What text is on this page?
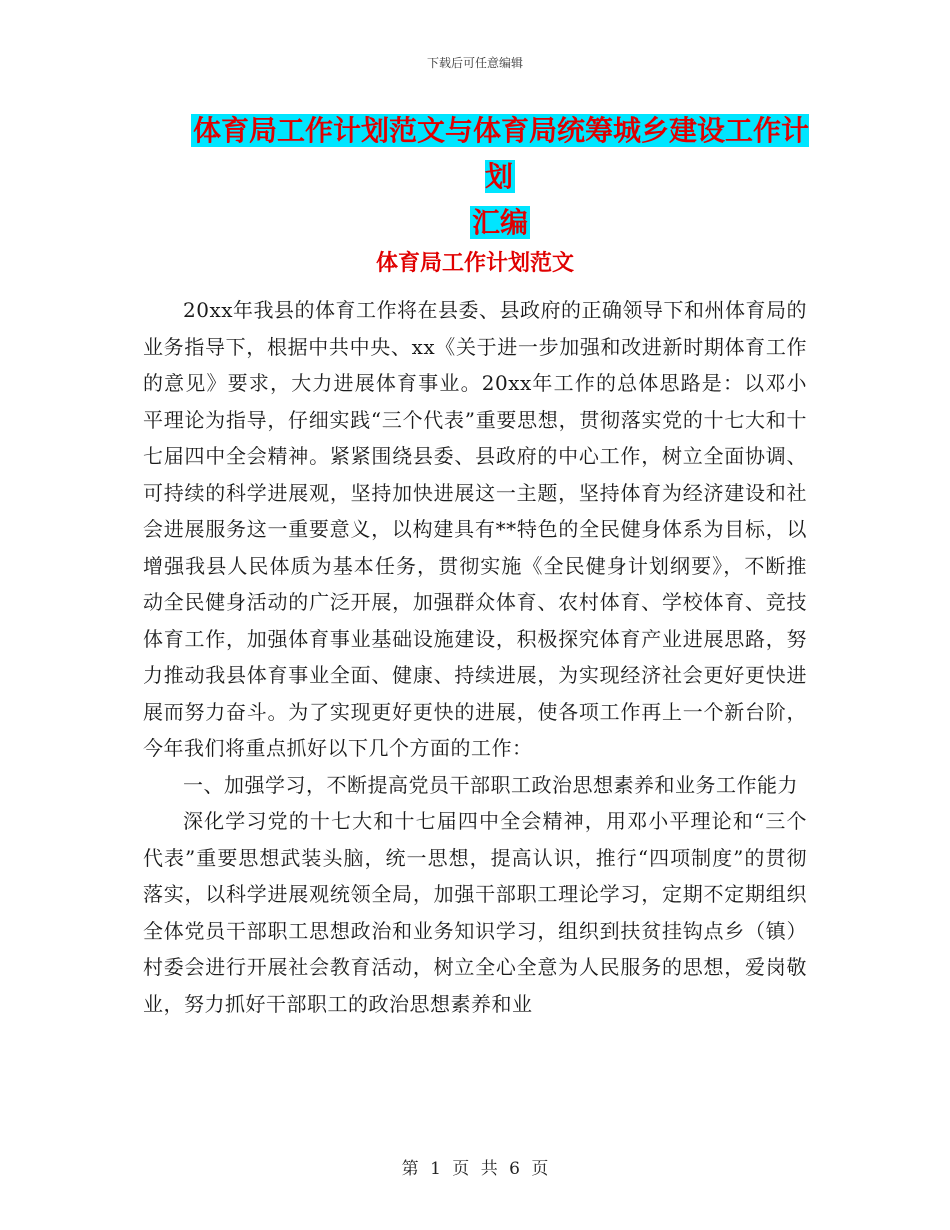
下载后可任意编辑
体育局工作计划范文与体育局统筹城乡建设工作计划
汇编
体育局工作计划范文

20xx年我县的体育工作将在县委、县政府的正确领导下和州体育局的业务指导下，根据中共中央、xx《关于进一步加强和改进新时期体育工作的意见》要求，大力进展体育事业。20xx年工作的总体思路是：以邓小平理论为指导，仔细实践“三个代表”重要思想，贯彻落实党的十七大和十七届四中全会精神。紧紧围绕县委、县政府的中心工作，树立全面协调、可持续的科学进展观，坚持加快进展这一主题，坚持体育为经济建设和社会进展服务这一重要意义，以构建具有**特色的全民健身体系为目标，以增强我县人民体质为基本任务，贯彻实施《全民健身计划纲要》，不断推动全民健身活动的广泛开展，加强群众体育、农村体育、学校体育、竞技体育工作，加强体育事业基础设施建设，积极探究体育产业进展思路，努力推动我县体育事业全面、健康、持续进展，为实现经济社会更好更快进展而努力奋斗。为了实现更好更快的进展，使各项工作再上一个新台阶，今年我们将重点抓好以下几个方面的工作：

一、加强学习，不断提高党员干部职工政治思想素养和业务工作能力

深化学习党的十七大和十七届四中全会精神，用邓小平理论和“三个代表”重要思想武装头脑，统一思想，提高认识，推行“四项制度”的贯彻落实，以科学进展观统领全局，加强干部职工理论学习，定期不定期组织全体党员干部职工思想政治和业务知识学习，组织到扶贫挂钩点乡（镇）村委会进行开展社会教育活动，树立全心全意为人民服务的思想，爱岗敬业，努力抓好干部职工的政治思想素养和业

第 1 页 共 6 页
